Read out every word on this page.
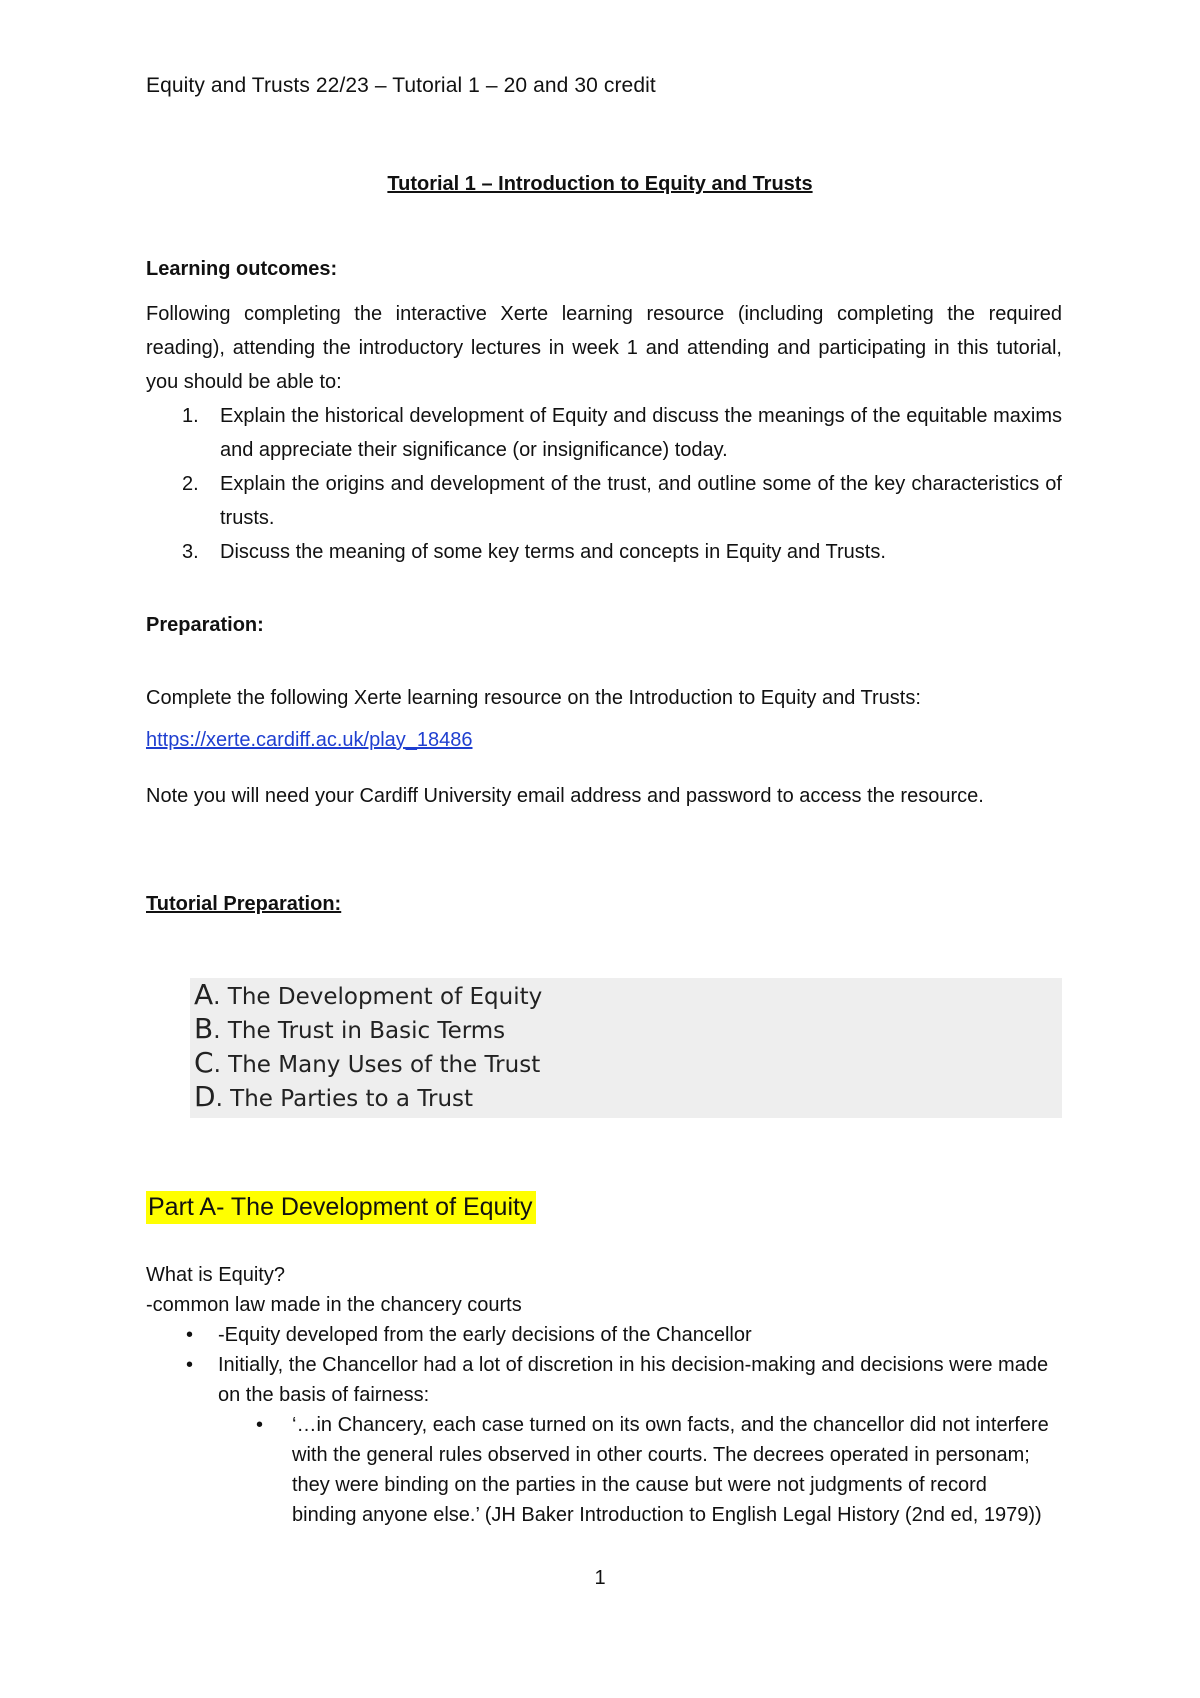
Equity and Trusts 22/23 – Tutorial 1 – 20 and 30 credit
Tutorial 1 – Introduction to Equity and Trusts
Learning outcomes:
Following completing the interactive Xerte learning resource (including completing the required reading), attending the introductory lectures in week 1 and attending and participating in this tutorial, you should be able to:
1. Explain the historical development of Equity and discuss the meanings of the equitable maxims and appreciate their significance (or insignificance) today.
2. Explain the origins and development of the trust, and outline some of the key characteristics of trusts.
3. Discuss the meaning of some key terms and concepts in Equity and Trusts.
Preparation:
Complete the following Xerte learning resource on the Introduction to Equity and Trusts:
https://xerte.cardiff.ac.uk/play_18486
Note you will need your Cardiff University email address and password to access the resource.
Tutorial Preparation:
A. The Development of Equity
B. The Trust in Basic Terms
C. The Many Uses of the Trust
D. The Parties to a Trust
Part A- The Development of Equity
What is Equity?
-common law made in the chancery courts
• -Equity developed from the early decisions of the Chancellor
• Initially, the Chancellor had a lot of discretion in his decision-making and decisions were made on the basis of fairness:
• ‘…in Chancery, each case turned on its own facts, and the chancellor did not interfere with the general rules observed in other courts. The decrees operated in personam; they were binding on the parties in the cause but were not judgments of record binding anyone else.’ (JH Baker Introduction to English Legal History (2nd ed, 1979))
1
